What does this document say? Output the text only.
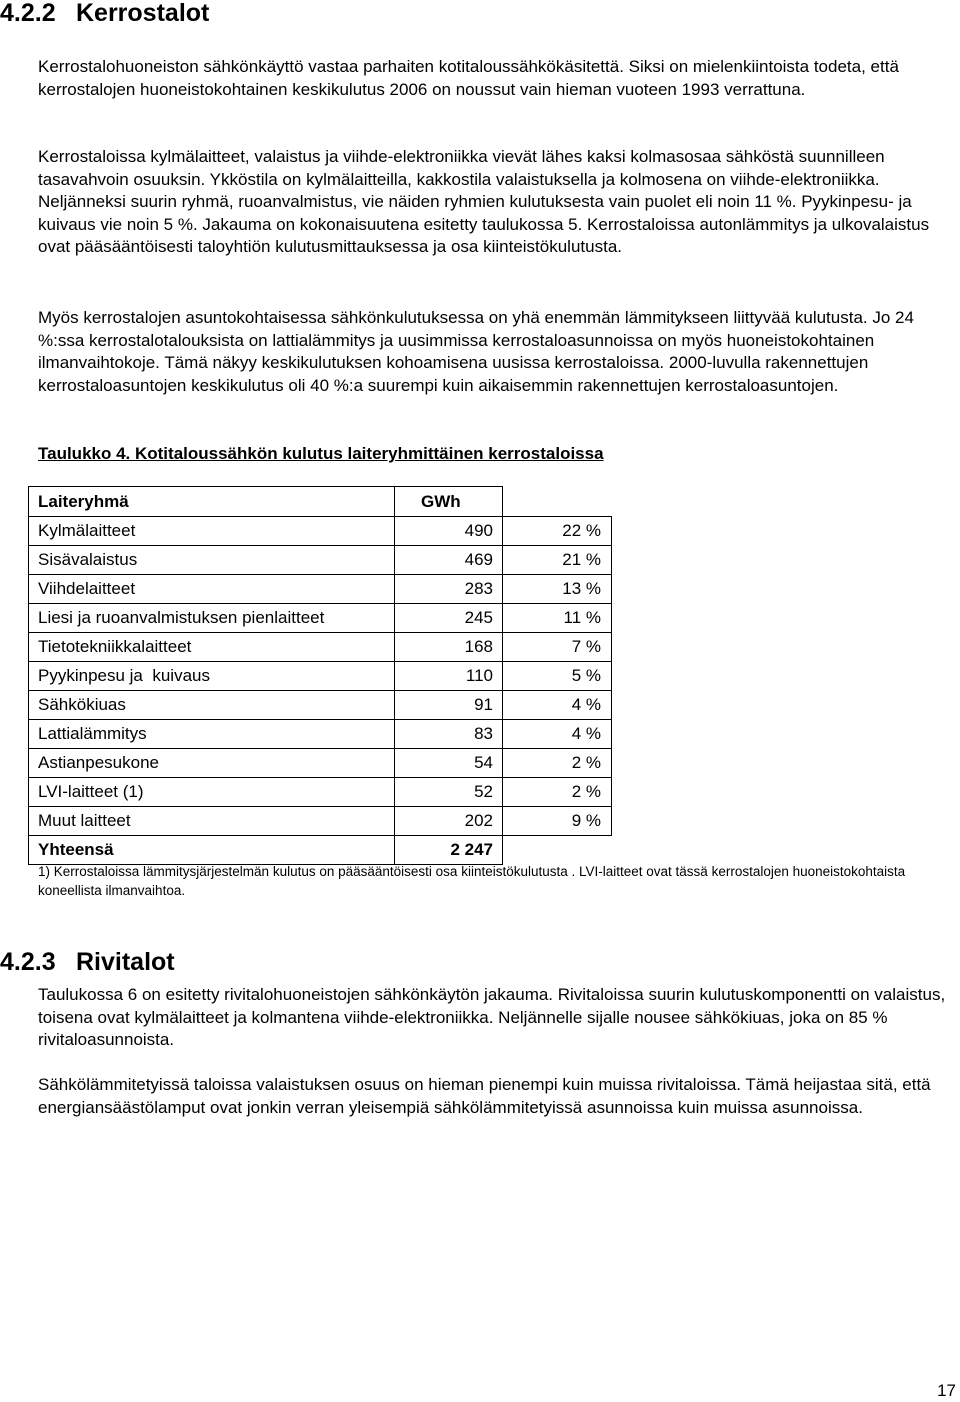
4.2.2 Kerrostalot

Kerrostalohuoneiston sähkönkäyttö vastaa parhaiten kotitaloussähkökäsitettä. Siksi on mielenkiintoista todeta, että kerrostalojen huoneistokohtainen keskikulutus 2006 on noussut vain hieman vuoteen 1993 verrattuna.

Kerrostaloissa kylmälaitteet, valaistus ja viihde-elektroniikka vievät lähes kaksi kolmasosaa sähköstä suunnilleen tasavahvoin osuuksin. Ykköstila on kylmälaitteilla, kakkostila valaistuksella ja kolmosena on viihde-elektroniikka. Neljänneksi suurin ryhmä, ruoanvalmistus, vie näiden ryhmien kulutuksesta vain puolet eli noin 11 %. Pyykinpesu- ja kuivaus vie noin 5 %. Jakauma on kokonaisuutena esitetty taulukossa 5. Kerrostaloissa autonlämmitys ja ulkovalaistus ovat pääsääntöisesti taloyhtiön kulutusmittauksessa ja osa kiinteistökulutusta.

Myös kerrostalojen asuntokohtaisessa sähkönkulutuksessa on yhä enemmän lämmitykseen liittyvää kulutusta. Jo 24 %:ssa kerrostalotalouksista on lattialämmitys ja uusimmissa kerrostaloasunnoissa on myös huoneistokohtainen ilmanvaihtokoje. Tämä näkyy keskikulutuksen kohoamisena uusissa kerrostaloissa. 2000-luvulla rakennettujen kerrostaloasuntojen keskikulutus oli 40 %:a suurempi kuin aikaisemmin rakennettujen kerrostaloasuntojen.

Taulukko 4. Kotitaloussähkön kulutus laiteryhmittäinen kerrostaloissa

Laiteryhmä	GWh	
Kylmälaitteet	490	22 %
Sisävalaistus	469	21 %
Viihdelaitteet	283	13 %
Liesi ja ruoanvalmistuksen pienlaitteet	245	11 %
Tietotekniikkalaitteet	168	7 %
Pyykinpesu ja  kuivaus	110	5 %
Sähkökiuas	91	4 %
Lattialämmitys	83	4 %
Astianpesukone	54	2 %
LVI-laitteet (1)	52	2 %
Muut laitteet	202	9 %
Yhteensä	2 247	

1) Kerrostaloissa lämmitysjärjestelmän kulutus on pääsääntöisesti osa kiinteistökulutusta . LVI-laitteet ovat tässä kerrostalojen huoneistokohtaista koneellista ilmanvaihtoa.

4.2.3 Rivitalot

Taulukossa 6 on esitetty rivitalohuoneistojen sähkönkäytön jakauma. Rivitaloissa suurin kulutuskomponentti on valaistus, toisena ovat kylmälaitteet ja kolmantena viihde-elektroniikka. Neljännelle sijalle nousee sähkökiuas, joka on 85 % rivitaloasunnoista.

Sähkölämmitetyissä taloissa valaistuksen osuus on hieman pienempi kuin muissa rivitaloissa. Tämä heijastaa sitä, että energiansäästölamput ovat jonkin verran yleisempiä sähkölämmitetyissä asunnoissa kuin muissa asunnoissa.

17
